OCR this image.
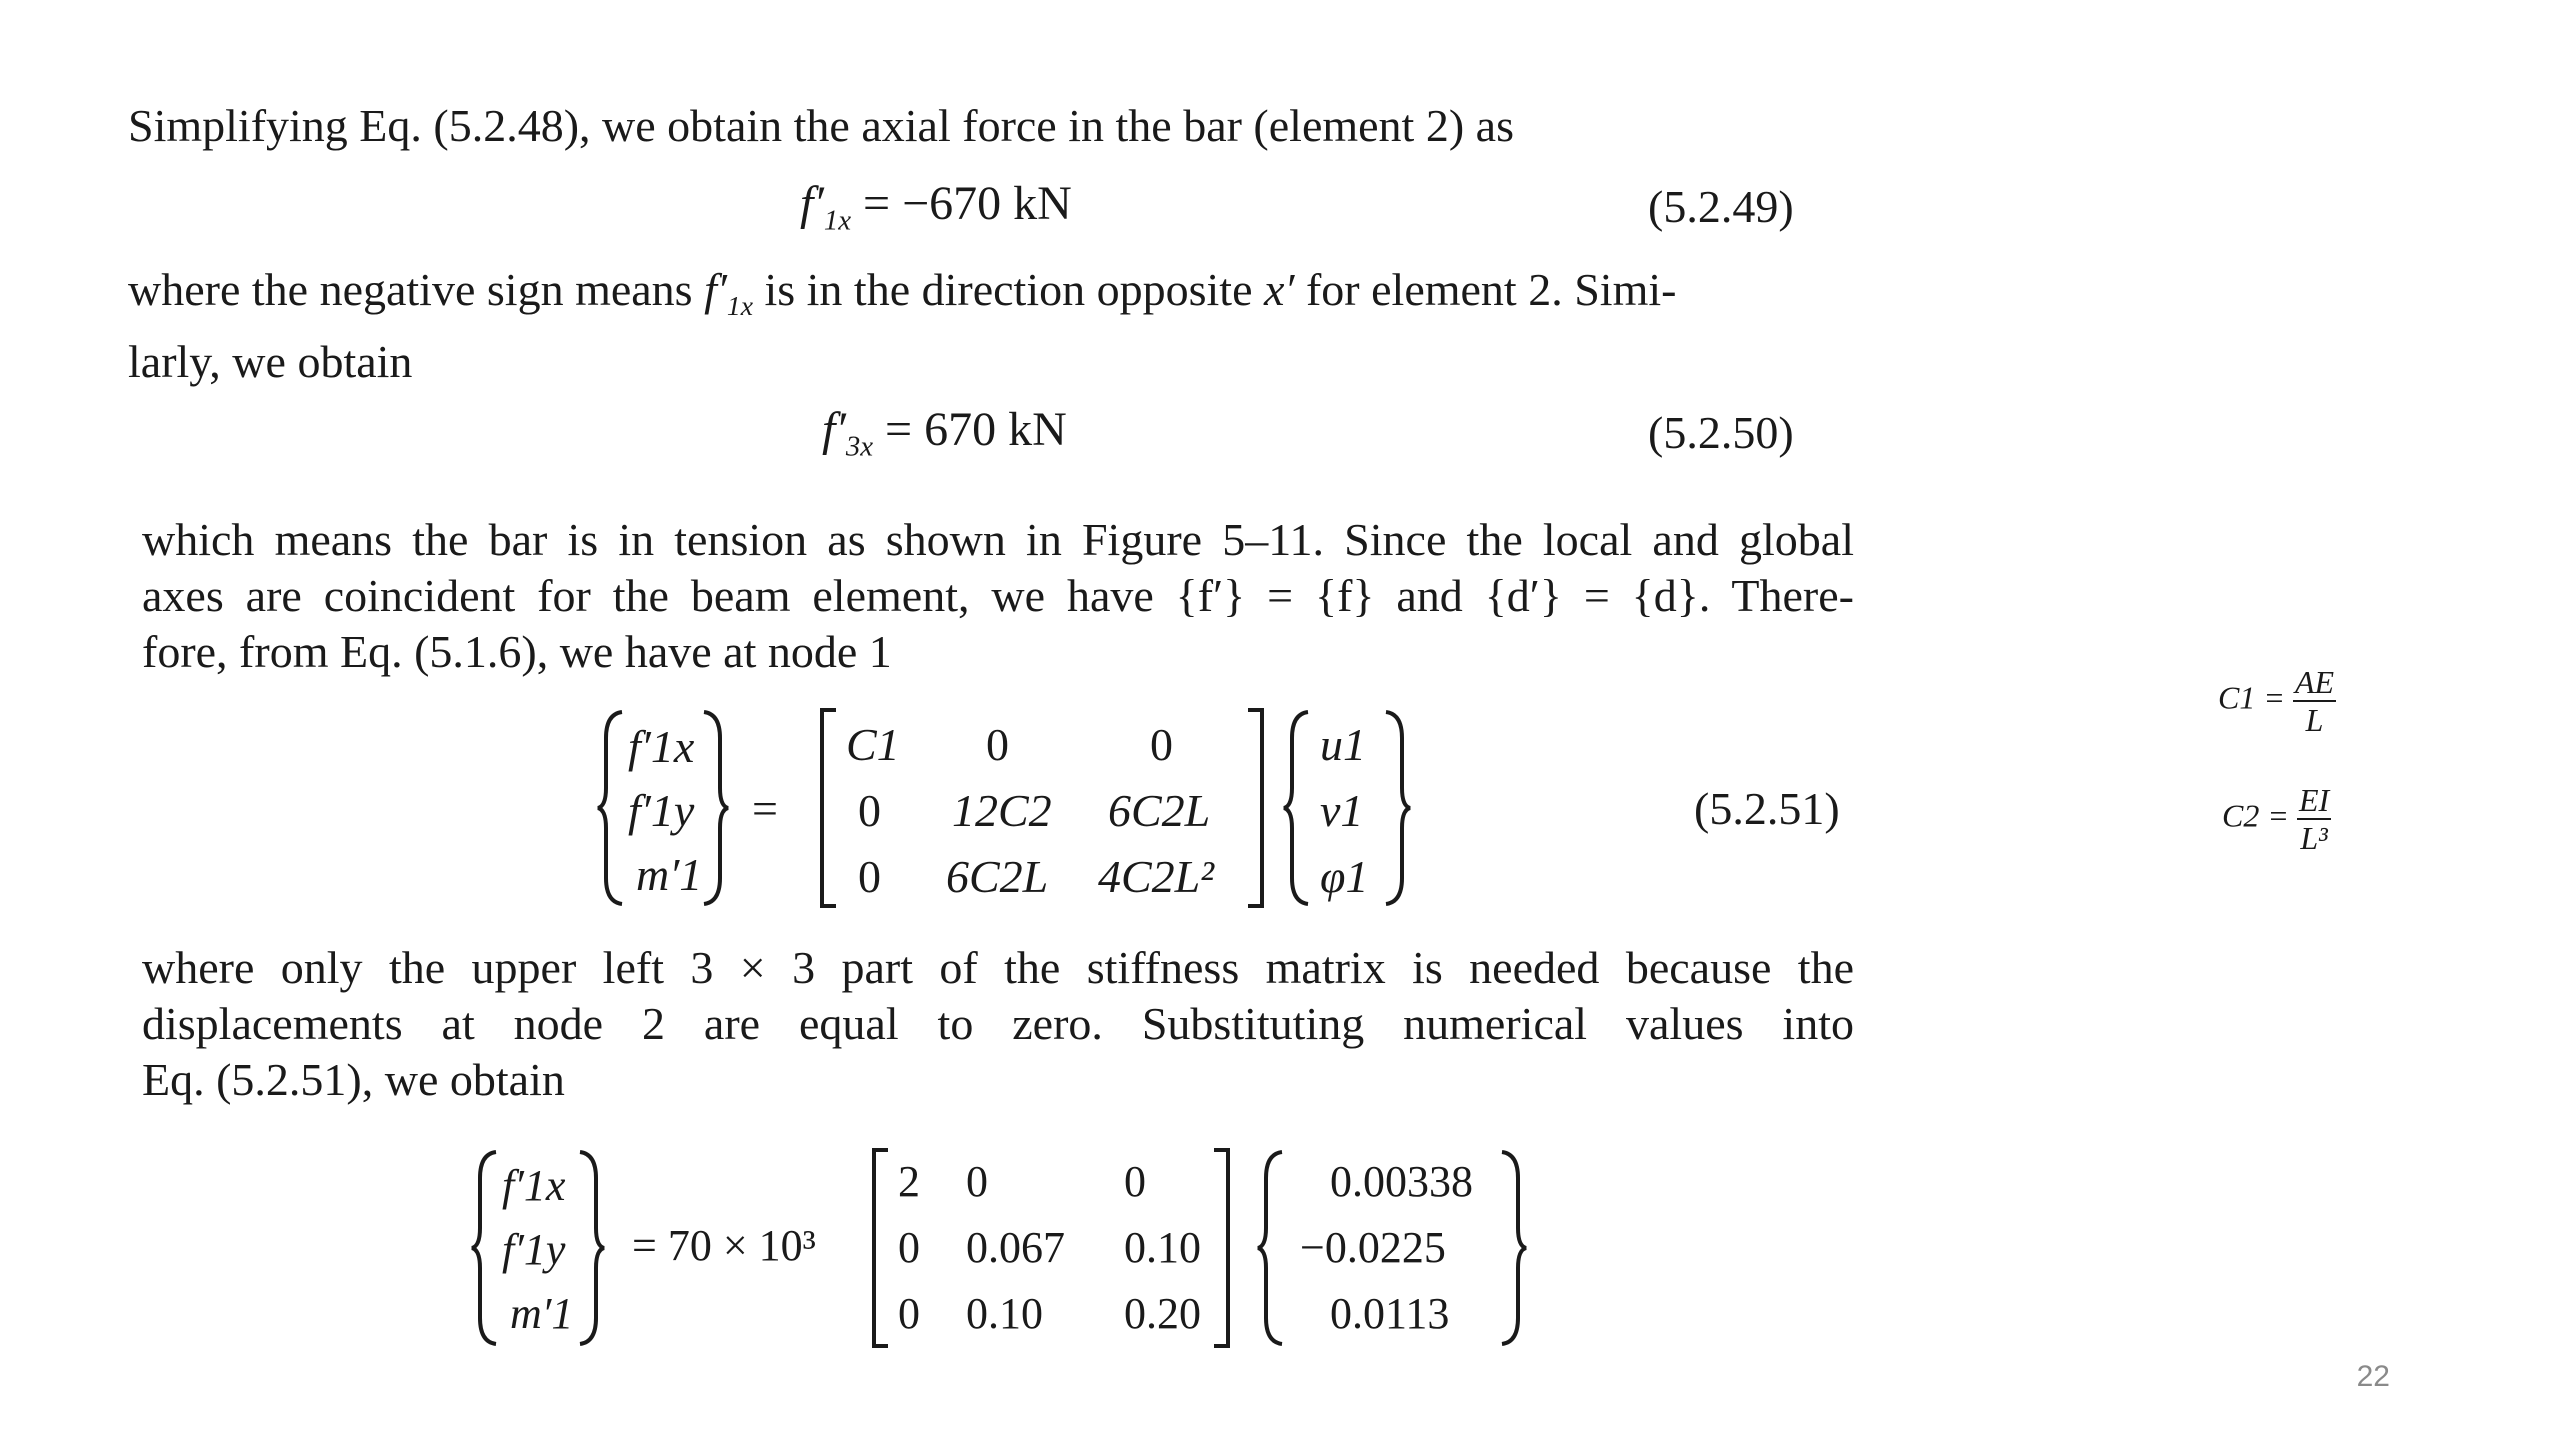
Simplifying Eq. (5.2.48), we obtain the axial force in the bar (element 2) as

$f'_{1x} = -670$ kN	(5.2.49)

where the negative sign means $f'_{1x}$ is in the direction opposite x′ for element 2. Simi-
larly, we obtain

$f'_{3x} = 670$ kN	(5.2.50)

which means the bar is in tension as shown in Figure 5–11. Since the local and global
axes are coincident for the beam element, we have {f′} = {f} and {d′} = {d}. There-
fore, from Eq. (5.1.6), we have at node 1

f′1x
f′1y
m′1
=
C1 0	0
0 12C2 6C2L
0 6C2L 4C2L²
u1
v1
φ1
(5.2.51)
$C1 = \frac{AE}{L}$
$C2 = \frac{EI}{\text{L³}}$

where only the upper left 3 × 3 part of the stiffness matrix is needed because the
displacements at node 2 are equal to zero. Substituting numerical values into
Eq. (5.2.51), we obtain

f′1x
f′1y
m′1
= 70 × 10³
2 0	0
0 0.067 0.10
0 0.10 0.20
0.00338
−0.0225
0.0113
22
